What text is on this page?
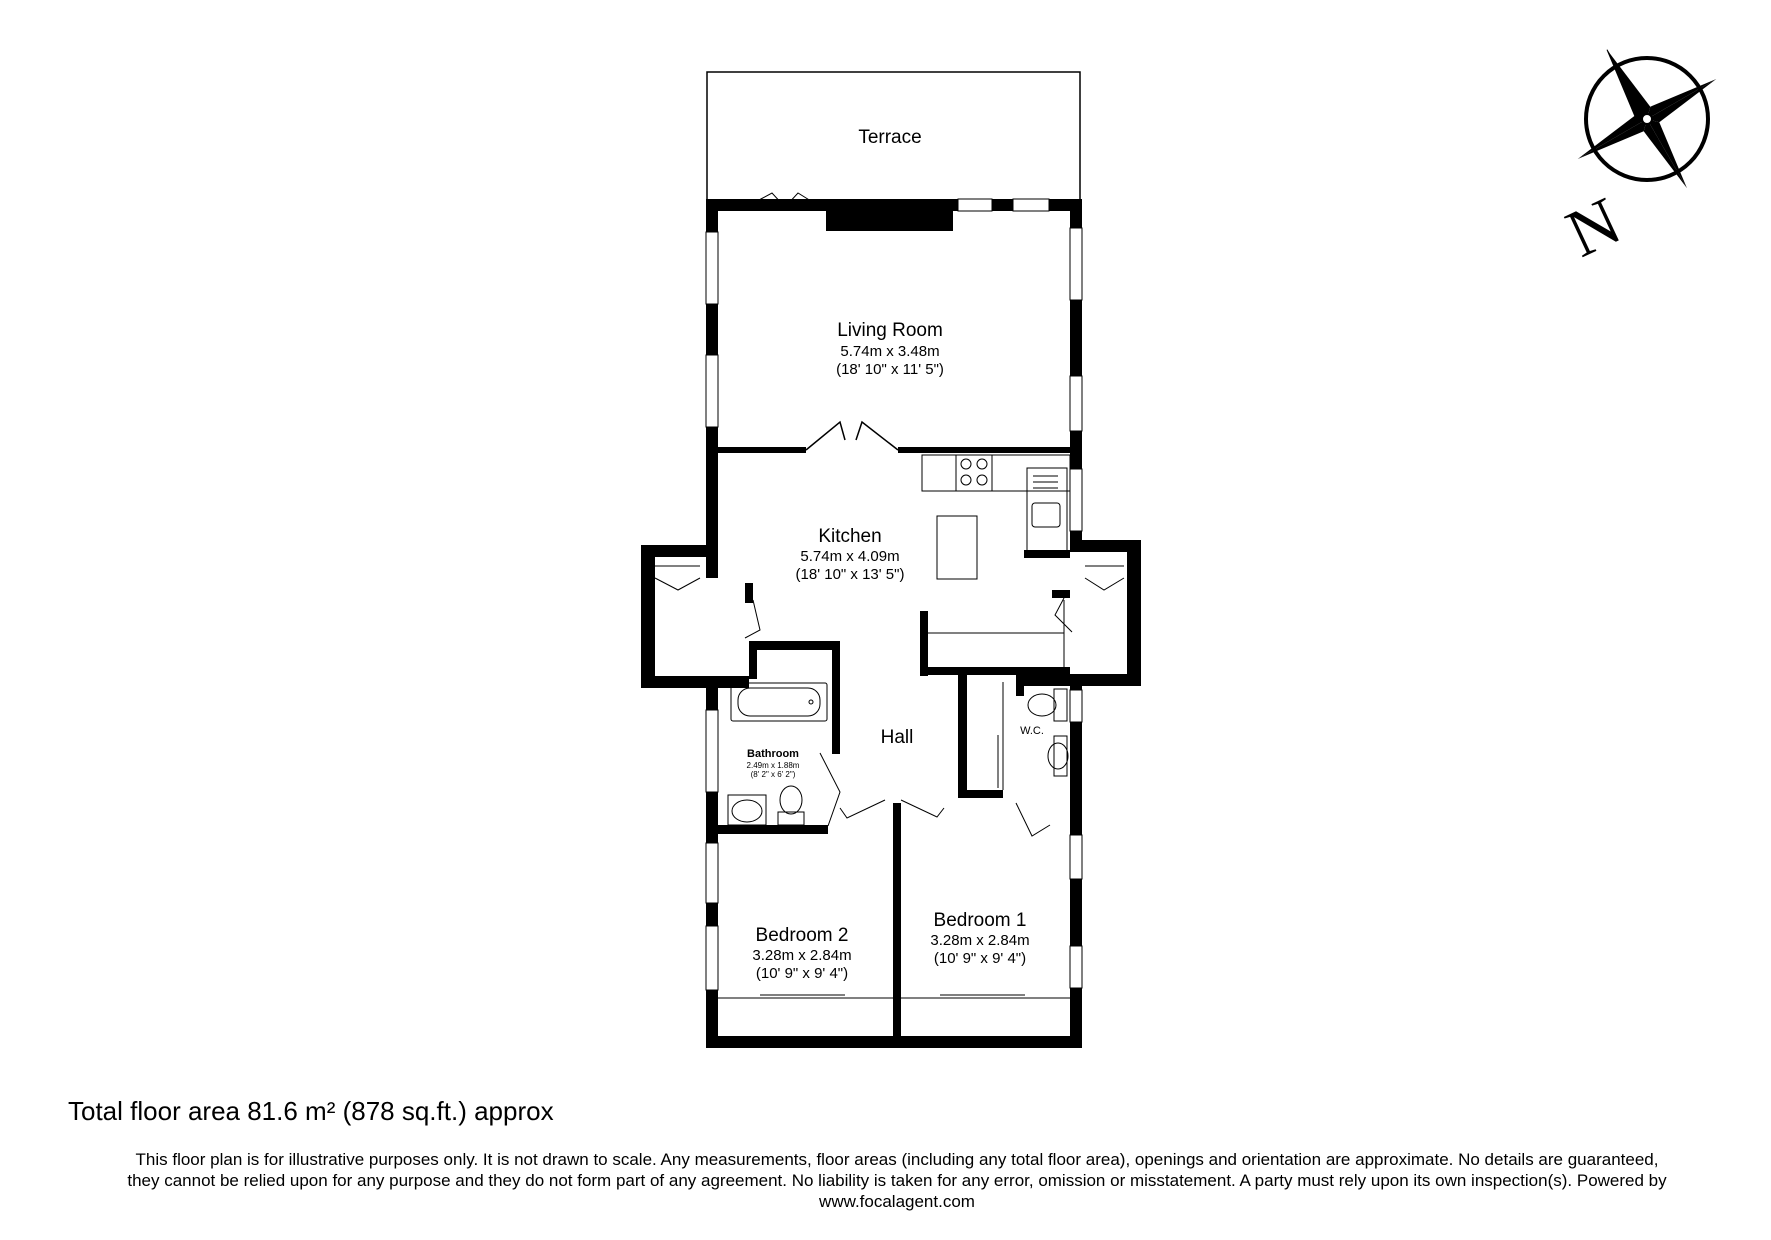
N
Terrace
Living Room
5.74m x 3.48m
(18' 10" x 11' 5")
Kitchen
5.74m x 4.09m
(18' 10" x 13' 5")
Bathroom
2.49m x 1.88m
(8' 2" x 6' 2")
Hall	W.C.
Bedroom 2
3.28m x 2.84m
(10' 9" x 9' 4")
Bedroom 1
3.28m x 2.84m
(10' 9" x 9' 4")
Total floor area 81.6 m² (878 sq.ft.) approx
This floor plan is for illustrative purposes only. It is not drawn to scale. Any measurements, floor areas (including any total floor area), openings and orientation are approximate. No details are guaranteed,
they cannot be relied upon for any purpose and they do not form part of any agreement. No liability is taken for any error, omission or misstatement. A party must rely upon its own inspection(s). Powered by
www.focalagent.com
